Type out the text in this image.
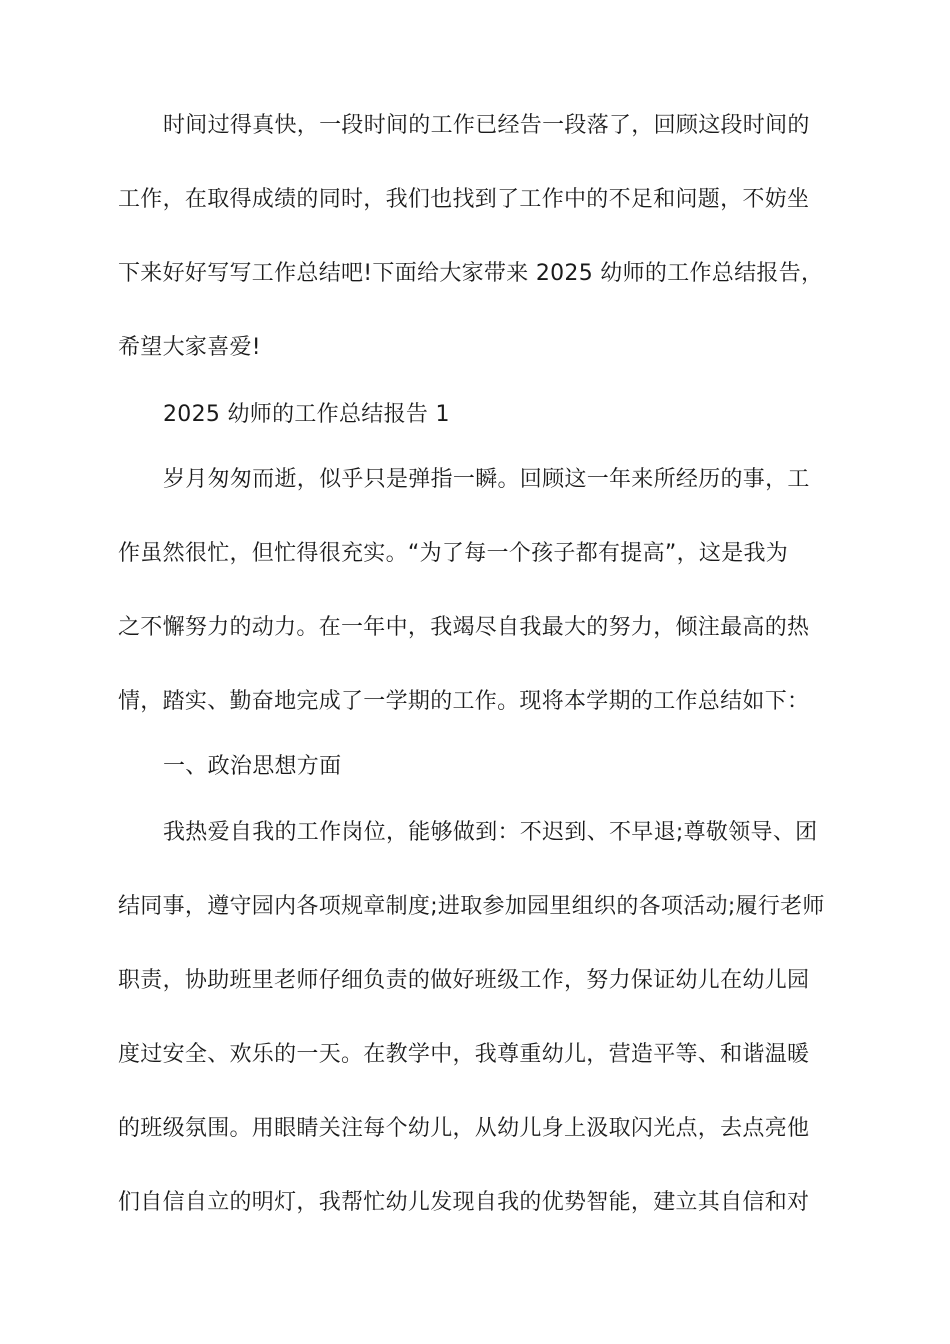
时间过得真快，一段时间的工作已经告一段落了，回顾这段时间的
工作，在取得成绩的同时，我们也找到了工作中的不足和问题，不妨坐
下来好好写写工作总结吧!下面给大家带来 2025 幼师的工作总结报告，
希望大家喜爱!
2025 幼师的工作总结报告 1
岁月匆匆而逝，似乎只是弹指一瞬。回顾这一年来所经历的事，工
作虽然很忙，但忙得很充实。“为了每一个孩子都有提高”，这是我为
之不懈努力的动力。在一年中，我竭尽自我最大的努力，倾注最高的热
情，踏实、勤奋地完成了一学期的工作。现将本学期的工作总结如下：
一、政治思想方面
我热爱自我的工作岗位，能够做到：不迟到、不早退;尊敬领导、团
结同事，遵守园内各项规章制度;进取参加园里组织的各项活动;履行老师
职责，协助班里老师仔细负责的做好班级工作，努力保证幼儿在幼儿园
度过安全、欢乐的一天。在教学中，我尊重幼儿，营造平等、和谐温暖
的班级氛围。用眼睛关注每个幼儿，从幼儿身上汲取闪光点，去点亮他
们自信自立的明灯，我帮忙幼儿发现自我的优势智能，建立其自信和对
